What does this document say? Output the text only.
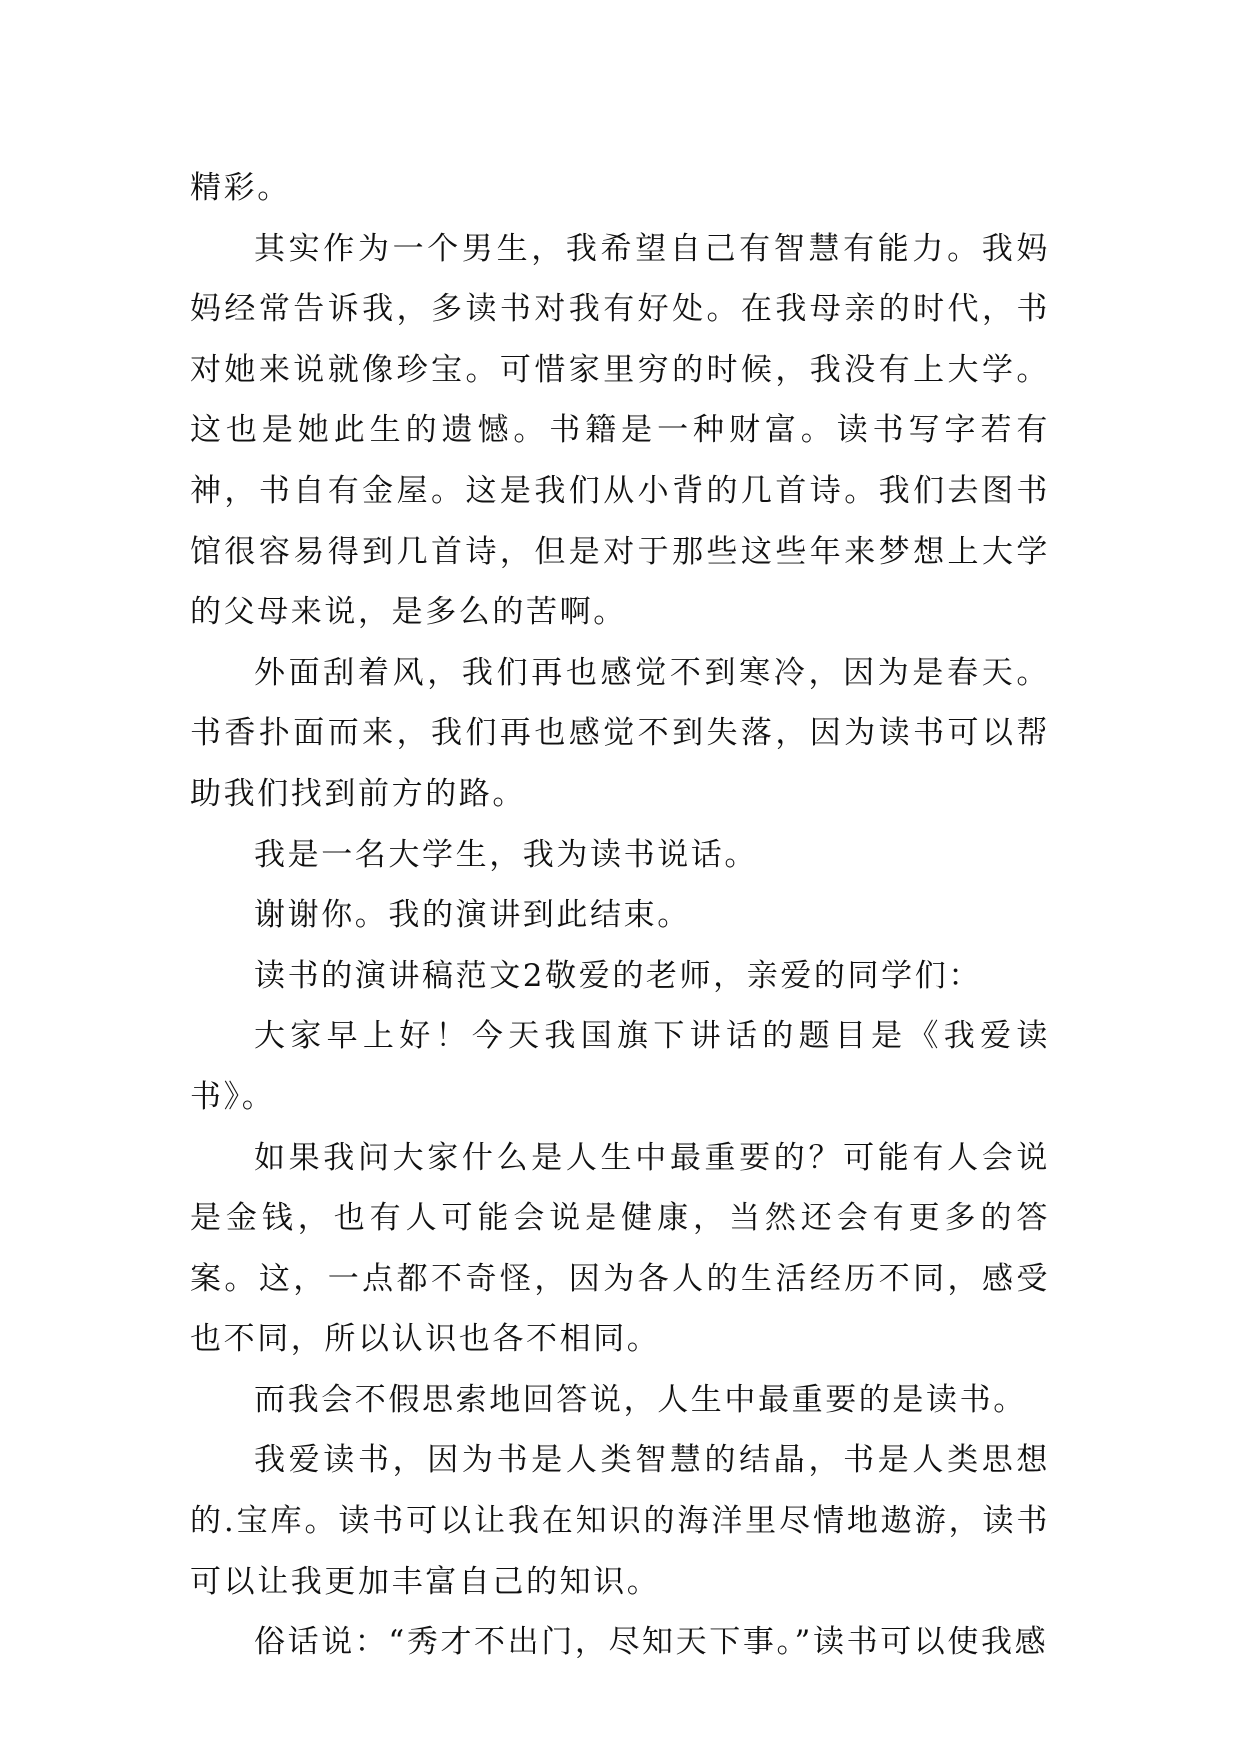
精彩。

其实作为一个男生，我希望自己有智慧有能力。我妈妈经常告诉我，多读书对我有好处。在我母亲的时代，书对她来说就像珍宝。可惜家里穷的时候，我没有上大学。这也是她此生的遗憾。书籍是一种财富。读书写字若有神，书自有金屋。这是我们从小背的几首诗。我们去图书馆很容易得到几首诗，但是对于那些这些年来梦想上大学的父母来说，是多么的苦啊。

外面刮着风，我们再也感觉不到寒冷，因为是春天。书香扑面而来，我们再也感觉不到失落，因为读书可以帮助我们找到前方的路。

我是一名大学生，我为读书说话。

谢谢你。我的演讲到此结束。

读书的演讲稿范文2敬爱的老师，亲爱的同学们：

大家早上好！今天我国旗下讲话的题目是《我爱读书》。

如果我问大家什么是人生中最重要的？可能有人会说是金钱，也有人可能会说是健康，当然还会有更多的答案。这，一点都不奇怪，因为各人的生活经历不同，感受也不同，所以认识也各不相同。

而我会不假思索地回答说，人生中最重要的是读书。

我爱读书，因为书是人类智慧的结晶，书是人类思想的.宝库。读书可以让我在知识的海洋里尽情地遨游，读书可以让我更加丰富自己的知识。

俗话说：“秀才不出门，尽知天下事。”读书可以使我感
